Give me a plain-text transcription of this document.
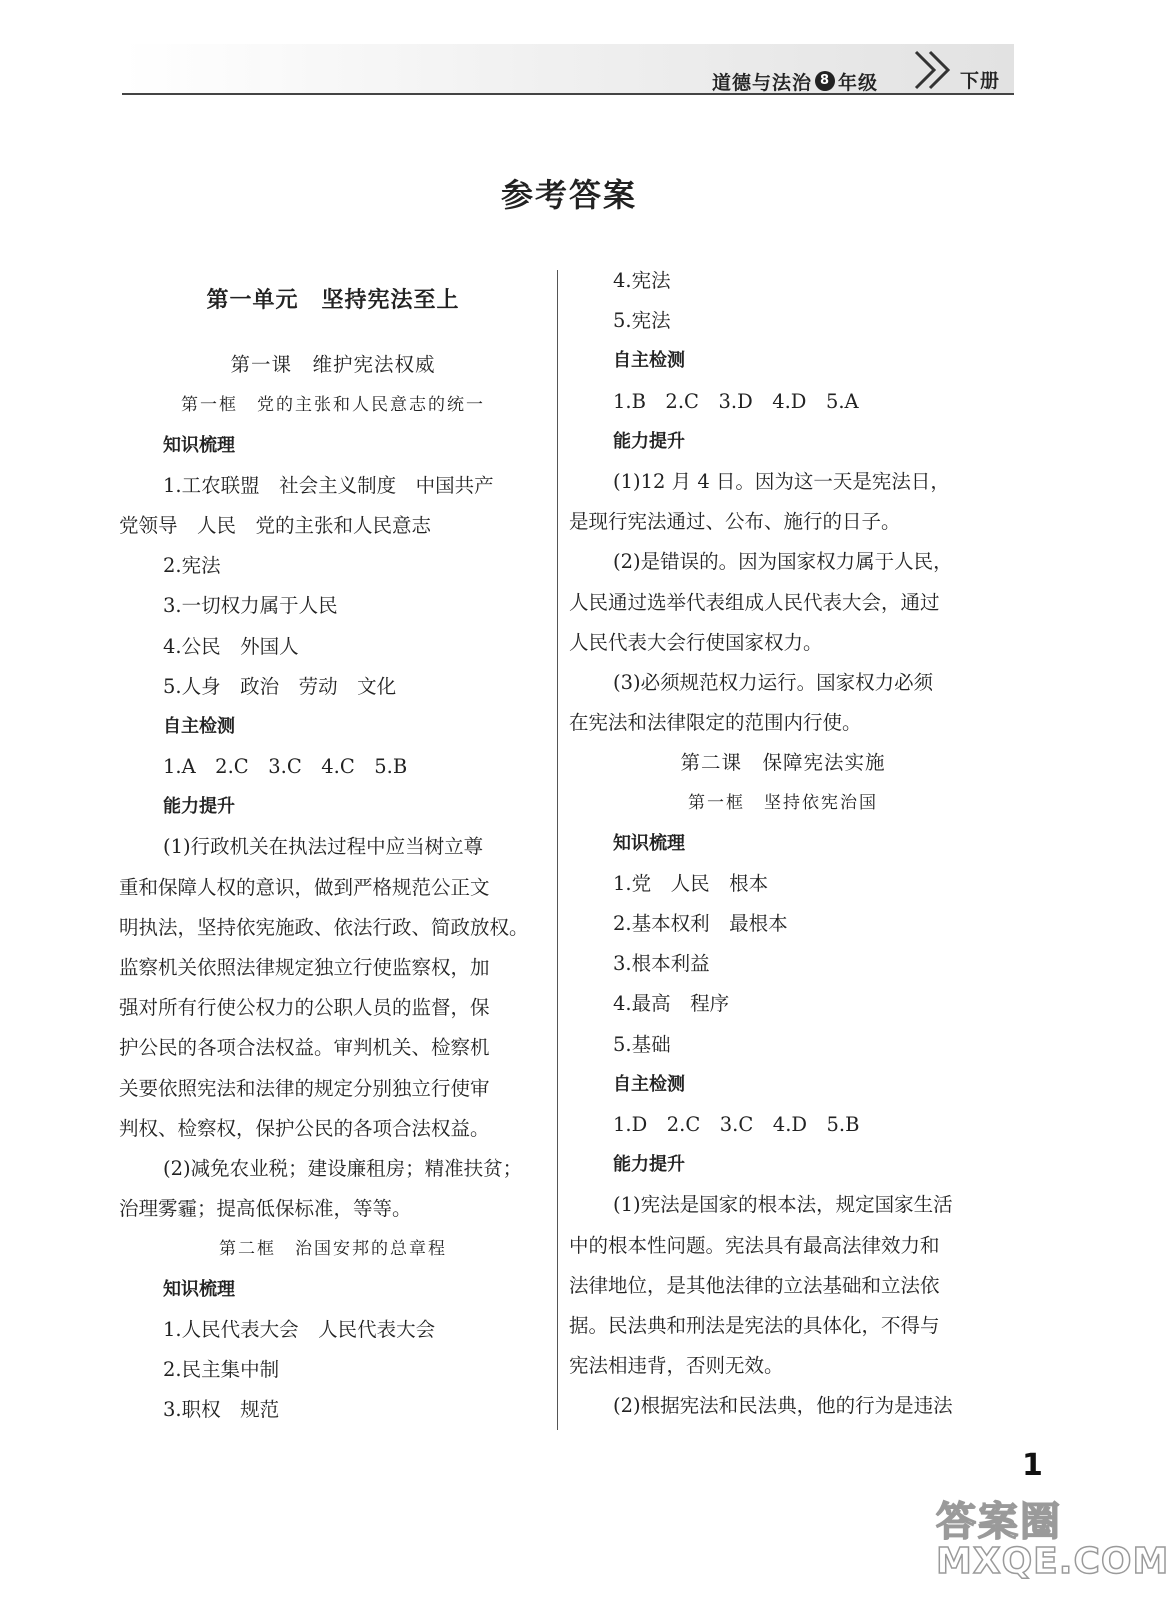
道德与法治 8 年级	下册
参考答案
第一单元　坚持宪法至上
第一课　维护宪法权威
第一框　党的主张和人民意志的统一
知识梳理
1.工农联盟　社会主义制度　中国共产
党领导　人民　党的主张和人民意志
2.宪法
3.一切权力属于人民
4.公民　外国人
5.人身　政治　劳动　文化
自主检测
1.A　2.C　3.C　4.C　5.B
能力提升
(1)行政机关在执法过程中应当树立尊
重和保障人权的意识，做到严格规范公正文
明执法，坚持依宪施政、依法行政、简政放权。
监察机关依照法律规定独立行使监察权，加
强对所有行使公权力的公职人员的监督，保
护公民的各项合法权益。审判机关、检察机
关要依照宪法和法律的规定分别独立行使审
判权、检察权，保护公民的各项合法权益。
(2)减免农业税；建设廉租房；精准扶贫；
治理雾霾；提高低保标准，等等。
第二框　治国安邦的总章程
知识梳理
1.人民代表大会　人民代表大会
2.民主集中制
3.职权　规范
4.宪法
5.宪法
自主检测
1.B　2.C　3.D　4.D　5.A
能力提升
(1)12 月 4 日。因为这一天是宪法日，
是现行宪法通过、公布、施行的日子。
(2)是错误的。因为国家权力属于人民，
人民通过选举代表组成人民代表大会，通过
人民代表大会行使国家权力。
(3)必须规范权力运行。国家权力必须
在宪法和法律限定的范围内行使。
第二课　保障宪法实施
第一框　坚持依宪治国
知识梳理
1.党　人民　根本
2.基本权利　最根本
3.根本利益
4.最高　程序
5.基础
自主检测
1.D　2.C　3.C　4.D　5.B
能力提升
(1)宪法是国家的根本法，规定国家生活
中的根本性问题。宪法具有最高法律效力和
法律地位，是其他法律的立法基础和立法依
据。民法典和刑法是宪法的具体化，不得与
宪法相违背，否则无效。
(2)根据宪法和民法典，他的行为是违法
1
答案圈
MXQE.COM
